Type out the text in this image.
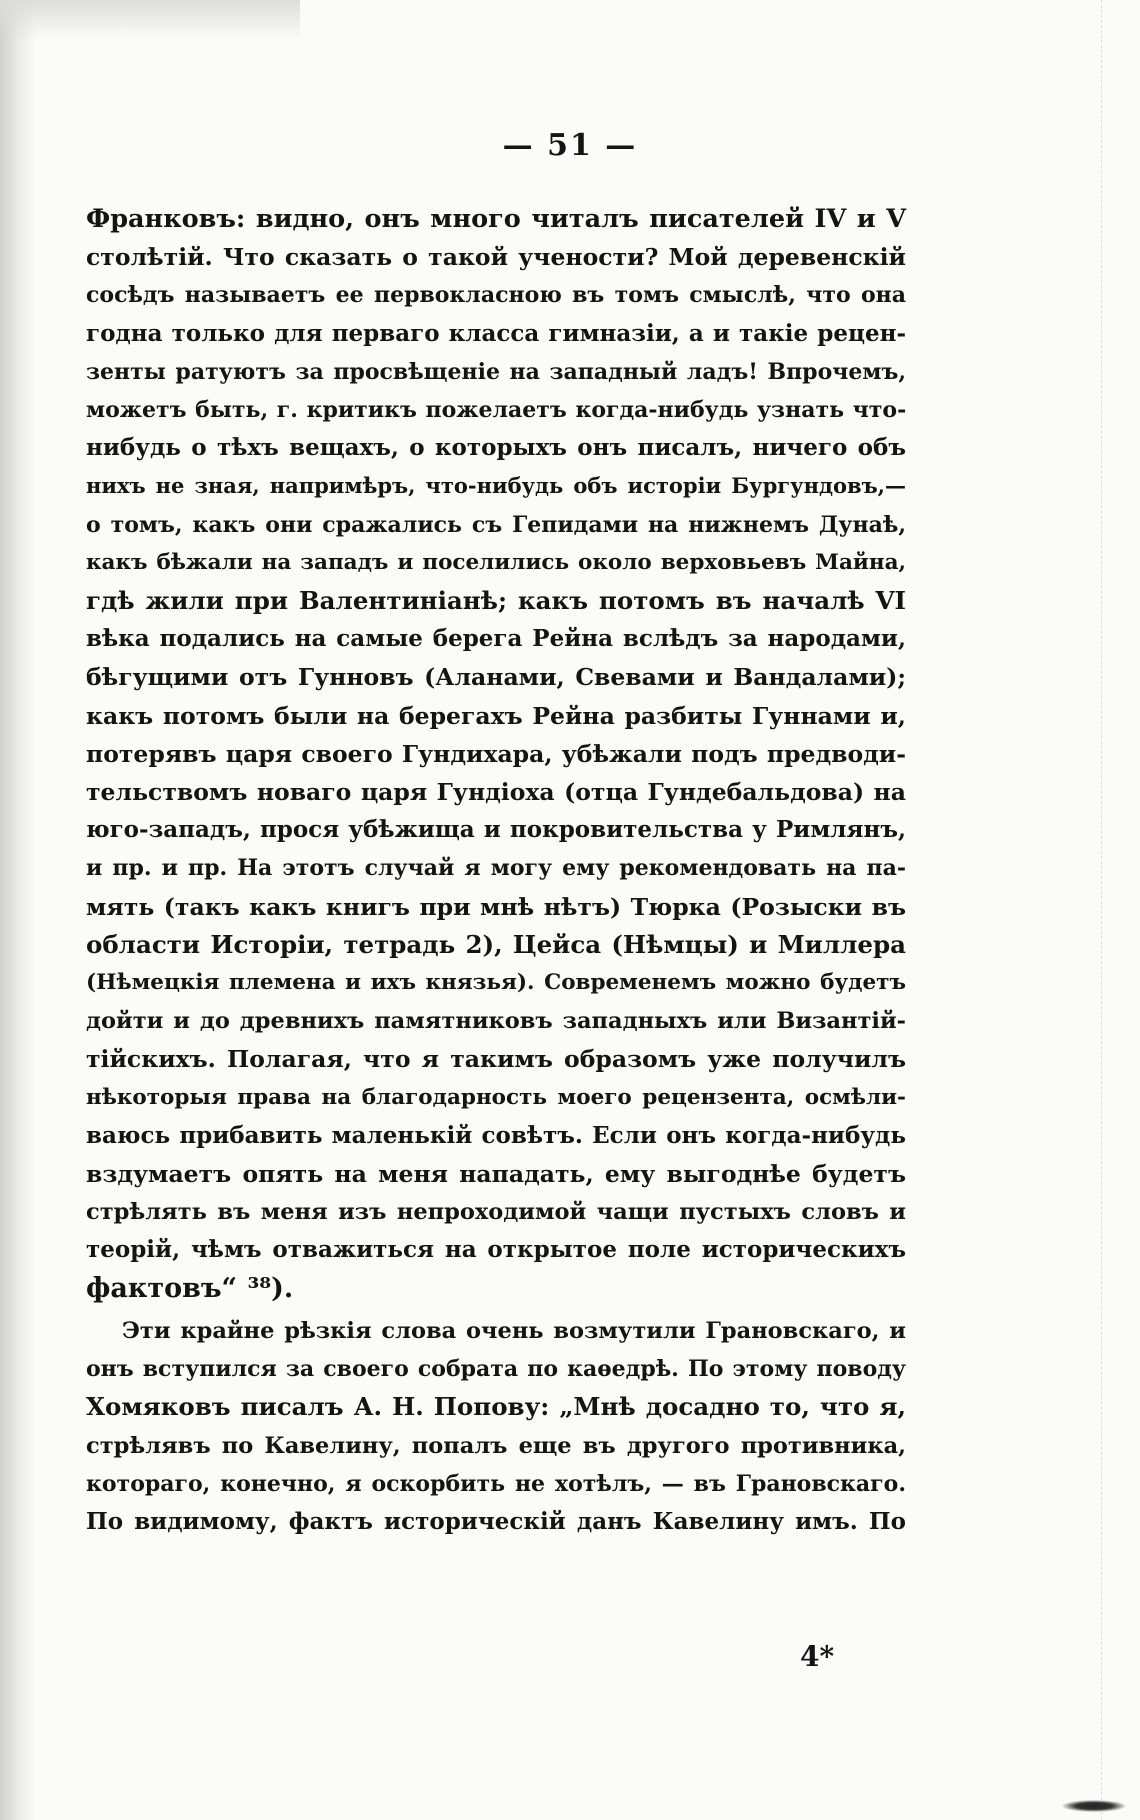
— 51 —

Франковъ: видно, онъ много читалъ писателей IV и V
столѣтій. Что сказать о такой учености? Мой деревенскій
сосѣдъ называетъ ее первокласною въ томъ смыслѣ, что она
годна только для перваго класса гимназіи, а и такіе рецен-
зенты ратуютъ за просвѣщеніе на западный ладъ! Впрочемъ,
можетъ быть, г. критикъ пожелаетъ когда-нибудь узнать что-
нибудь о тѣхъ вещахъ, о которыхъ онъ писалъ, ничего объ
нихъ не зная, напримѣръ, что-нибудь объ исторіи Бургундовъ,—
о томъ, какъ они сражались съ Гепидами на нижнемъ Дунаѣ,
какъ бѣжали на западъ и поселились около верховьевъ Майна,
гдѣ жили при Валентиніанѣ; какъ потомъ въ началѣ VI
вѣка подались на самые берега Рейна вслѣдъ за народами,
бѣгущими отъ Гунновъ (Аланами, Свевами и Вандалами);
какъ потомъ были на берегахъ Рейна разбиты Гуннами и,
потерявъ царя своего Гундихара, убѣжали подъ предводи-
тельствомъ новаго царя Гундіоха (отца Гундебальдова) на
юго-западъ, прося убѣжища и покровительства у Римлянъ,
и пр. и пр. На этотъ случай я могу ему рекомендовать на па-
мять (такъ какъ книгъ при мнѣ нѣтъ) Тюрка (Розыски въ
области Исторіи, тетрадь 2), Цейса (Нѣмцы) и Миллера
(Нѣмецкія племена и ихъ князья). Современемъ можно будетъ
дойти и до древнихъ памятниковъ западныхъ или Византій-
тійскихъ. Полагая, что я такимъ образомъ уже получилъ
нѣкоторыя права на благодарность моего рецензента, осмѣли-
ваюсь прибавить маленькій совѣтъ. Если онъ когда-нибудь
вздумаетъ опять на меня нападать, ему выгоднѣе будетъ
стрѣлять въ меня изъ непроходимой чащи пустыхъ словъ и
теорій, чѣмъ отважиться на открытое поле историческихъ
фактовъ“ ³⁸).

Эти крайне рѣзкія слова очень возмутили Грановскаго, и
онъ вступился за своего собрата по каѳедрѣ. По этому поводу
Хомяковъ писалъ А. Н. Попову: „Мнѣ досадно то, что я,
стрѣлявъ по Кавелину, попалъ еще въ другого противника,
котораго, конечно, я оскорбить не хотѣлъ, — въ Грановскаго.
По видимому, фактъ историческій данъ Кавелину имъ. По

4*
